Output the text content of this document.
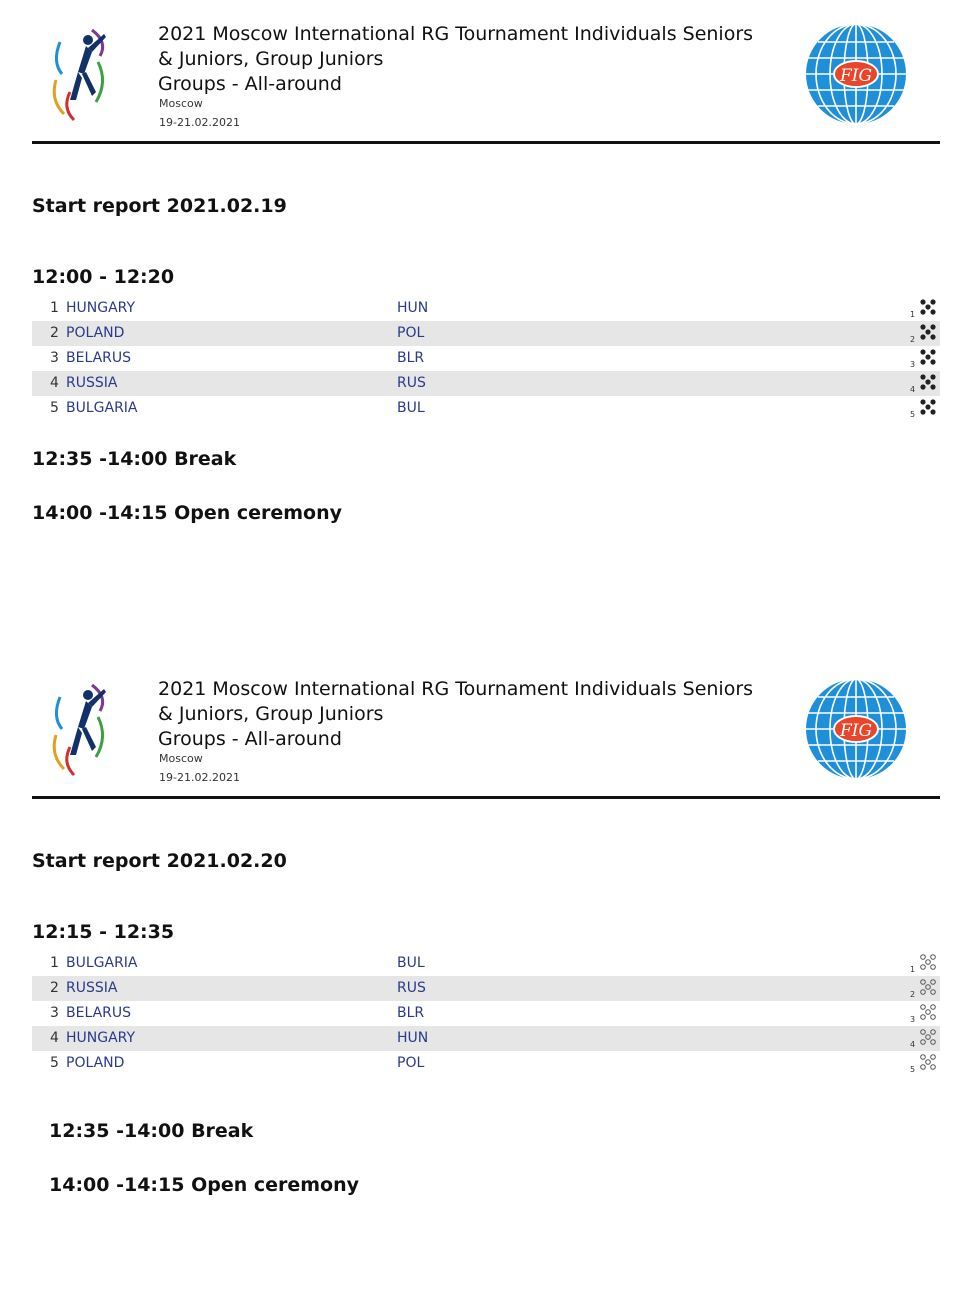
2021 Moscow International RG Tournament Individuals Seniors & Juniors, Group Juniors
Groups - All-around
Moscow
19-21.02.2021
FIG
Start report 2021.02.19
12:00 - 12:20
1 HUNGARY	HUN	1
2 POLAND	POL	2
3 BELARUS	BLR	3
4 RUSSIA	RUS	4
5 BULGARIA	BUL	5
12:35 -14:00 Break
14:00 -14:15 Open ceremony
2021 Moscow International RG Tournament Individuals Seniors & Juniors, Group Juniors
Groups - All-around
Moscow
19-21.02.2021
FIG
Start report 2021.02.20
12:15 - 12:35
1 BULGARIA	BUL	1
2 RUSSIA	RUS	2
3 BELARUS	BLR	3
4 HUNGARY	HUN	4
5 POLAND	POL	5
12:35 -14:00 Break
14:00 -14:15 Open ceremony
